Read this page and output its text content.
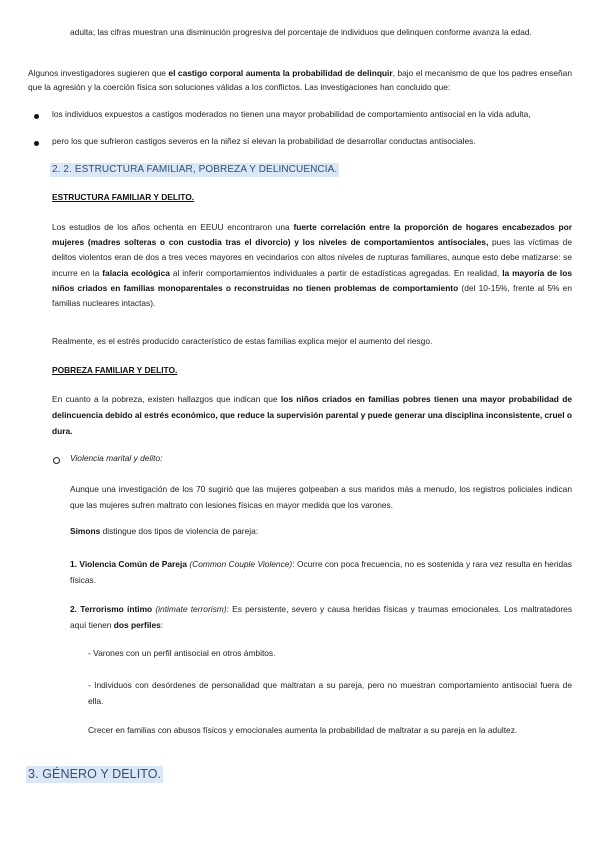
adulta; las cifras muestran una disminución progresiva del porcentaje de individuos que delinquen conforme avanza la edad.

Algunos investigadores sugieren que el castigo corporal aumenta la probabilidad de delinquir, bajo el mecanismo de que los padres enseñan que la agresión y la coerción física son soluciones válidas a los conflictos. Las investigaciones han concluido que:

los individuos expuestos a castigos moderados no tienen una mayor probabilidad de comportamiento antisocial en la vida adulta,

pero los que sufrieron castigos severos en la niñez sí elevan la probabilidad de desarrollar conductas antisociales.

2. 2. ESTRUCTURA FAMILIAR, POBREZA Y DELINCUENCIA.

ESTRUCTURA FAMILIAR Y DELITO.

Los estudios de los años ochenta en EEUU encontraron una fuerte correlación entre la proporción de hogares encabezados por mujeres (madres solteras o con custodia tras el divorcio) y los niveles de comportamientos antisociales, pues las víctimas de delitos violentos eran de dos a tres veces mayores en vecindarios con altos niveles de rupturas familiares, aunque esto debe matizarse: se incurre en la falacia ecológica al inferir comportamientos individuales a partir de estadísticas agregadas. En realidad, la mayoría de los niños criados en familias monoparentales o reconstruidas no tienen problemas de comportamiento (del 10-15%, frente al 5% en familias nucleares intactas).

Realmente, es el estrés producido característico de estas familias explica mejor el aumento del riesgo.

POBREZA FAMILIAR Y DELITO.

En cuanto a la pobreza, existen hallazgos que indican que los niños criados en familias pobres tienen una mayor probabilidad de delincuencia debido al estrés económico, que reduce la supervisión parental y puede generar una disciplina inconsistente, cruel o dura.

Violencia marital y delito:

Aunque una investigación de los 70 sugirió que las mujeres golpeaban a sus maridos más a menudo, los registros policiales indican que las mujeres sufren maltrato con lesiones físicas en mayor medida que los varones.

Simons distingue dos tipos de violencia de pareja:

1. Violencia Común de Pareja (Common Couple Violence): Ocurre con poca frecuencia, no es sostenida y rara vez resulta en heridas físicas.

2. Terrorismo íntimo (intimate terrorism): Es persistente, severo y causa heridas físicas y traumas emocionales. Los maltratadores aquí tienen dos perfiles:

- Varones con un perfil antisocial en otros ámbitos.

- Individuos con desórdenes de personalidad que maltratan a su pareja, pero no muestran comportamiento antisocial fuera de ella.

Crecer en familias con abusos físicos y emocionales aumenta la probabilidad de maltratar a su pareja en la adultez.

3. GÉNERO Y DELITO.
